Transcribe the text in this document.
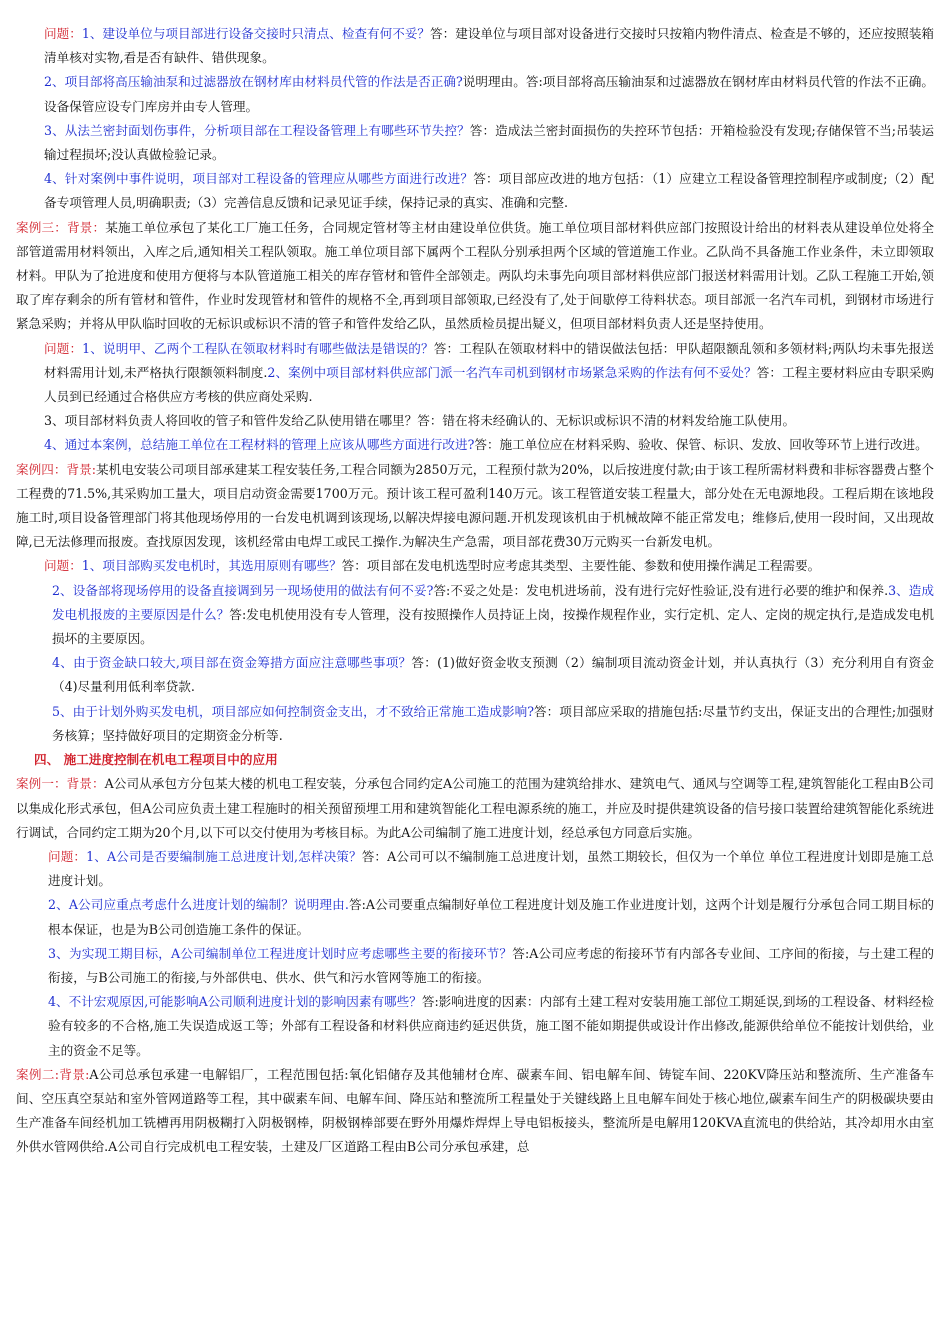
问题：1、建设单位与项目部进行设备交接时只清点、检查有何不妥？答：建设单位与项目部对设备进行交接时只按箱内物件清点、检查是不够的，还应按照装箱清单核对实物,看是否有缺件、错供现象。

2、项目部将高压输油泵和过滤器放在钢材库由材料员代管的作法是否正确?说明理由。答:项目部将高压输油泵和过滤器放在钢材库由材料员代管的作法不正确。设备保管应设专门库房并由专人管理。

3、从法兰密封面划伤事件，分析项目部在工程设备管理上有哪些环节失控？答：造成法兰密封面损伤的失控环节包括：开箱检验没有发现;存储保管不当;吊装运输过程损坏;没认真做检验记录。

4、针对案例中事件说明，项目部对工程设备的管理应从哪些方面进行改进？答：项目部应改进的地方包括：（1）应建立工程设备管理控制程序或制度;（2）配备专项管理人员,明确职责;（3）完善信息反馈和记录见证手续，保持记录的真实、准确和完整.

案例三：背景：某施工单位承包了某化工厂施工任务，合同规定管材等主材由建设单位供货。施工单位项目部材料供应部门按照设计给出的材料表从建设单位处将全部管道需用材料领出，入库之后,通知相关工程队领取。施工单位项目部下属两个工程队分别承担两个区域的管道施工作业。乙队尚不具备施工作业条件，未立即领取材料。甲队为了抢进度和使用方便将与本队管道施工相关的库存管材和管件全部领走。两队均未事先向项目部材料供应部门报送材料需用计划。乙队工程施工开始,领取了库存剩余的所有管材和管件，作业时发现管材和管件的规格不全,再到项目部领取,已经没有了,处于间歇停工待料状态。项目部派一名汽车司机，到钢材市场进行紧急采购；并将从甲队临时回收的无标识或标识不清的管子和管件发给乙队，虽然质检员提出疑义，但项目部材料负责人还是坚持使用。

问题：1、说明甲、乙两个工程队在领取材料时有哪些做法是错误的？答：工程队在领取材料中的错误做法包括：甲队超限额乱领和多领材料;两队均未事先报送材料需用计划,未严格执行限额领料制度.2、案例中项目部材料供应部门派一名汽车司机到钢材市场紧急采购的作法有何不妥处？答：工程主要材料应由专职采购人员到已经通过合格供应方考核的供应商处采购.

3、项目部材料负责人将回收的管子和管件发给乙队使用错在哪里？答：错在将未经确认的、无标识或标识不清的材料发给施工队使用。

4、通过本案例，总结施工单位在工程材料的管理上应该从哪些方面进行改进?答：施工单位应在材料采购、验收、保管、标识、发放、回收等环节上进行改进。

案例四：背景:某机电安装公司项目部承建某工程安装任务,工程合同额为2850万元，工程预付款为20%，以后按进度付款;由于该工程所需材料费和非标容器费占整个工程费的71.5%,其采购加工量大，项目启动资金需要1700万元。预计该工程可盈利140万元。该工程管道安装工程量大，部分处在无电源地段。工程后期在该地段施工时,项目设备管理部门将其他现场停用的一台发电机调到该现场,以解决焊接电源问题.开机发现该机由于机械故障不能正常发电；维修后,使用一段时间，又出现故障,已无法修理而报废。查找原因发现，该机经常由电焊工或民工操作.为解决生产急需，项目部花费30万元购买一台新发电机。

问题：1、项目部购买发电机时，其选用原则有哪些？答：项目部在发电机选型时应考虑其类型、主要性能、参数和使用操作满足工程需要。

2、设备部将现场停用的设备直接调到另一现场使用的做法有何不妥?答:不妥之处是：发电机进场前，没有进行完好性验证,没有进行必要的维护和保养.3、造成发电机报废的主要原因是什么？答:发电机使用没有专人管理，没有按照操作人员持证上岗，按操作规程作业，实行定机、定人、定岗的规定执行,是造成发电机损坏的主要原因。

4、由于资金缺口较大,项目部在资金筹措方面应注意哪些事项？答：(1)做好资金收支预测（2）编制项目流动资金计划，并认真执行（3）充分利用自有资金（4)尽量利用低利率贷款.

5、由于计划外购买发电机，项目部应如何控制资金支出，才不致给正常施工造成影响?答：项目部应采取的措施包括:尽量节约支出，保证支出的合理性;加强财务核算；坚持做好项目的定期资金分析等.

四、 施工进度控制在机电工程项目中的应用

案例一：背景：A公司从承包方分包某大楼的机电工程安装，分承包合同约定A公司施工的范围为建筑给排水、建筑电气、通风与空调等工程,建筑智能化工程由B公司以集成化形式承包，但A公司应负责土建工程施时的相关预留预埋工用和建筑智能化工程电源系统的施工，并应及时提供建筑设备的信号接口装置给建筑智能化系统进行调试，合同约定工期为20个月,以下可以交付使用为考核目标。为此A公司编制了施工进度计划，经总承包方同意后实施。

问题：1、A公司是否要编制施工总进度计划,怎样决策？答：A公司可以不编制施工总进度计划，虽然工期较长，但仅为一个单位 单位工程进度计划即是施工总进度计划。

2、A公司应重点考虑什么进度计划的编制？说明理由.答:A公司要重点编制好单位工程进度计划及施工作业进度计划，这两个计划是履行分承包合同工期目标的根本保证，也是为B公司创造施工条件的保证。

3、为实现工期目标，A公司编制单位工程进度计划时应考虑哪些主要的衔接环节？答:A公司应考虑的衔接环节有内部各专业间、工序间的衔接，与土建工程的衔接，与B公司施工的衔接,与外部供电、供水、供气和污水管网等施工的衔接。

4、不计宏观原因,可能影响A公司顺利进度计划的影响因素有哪些？答:影响进度的因素：内部有土建工程对安装用施工部位工期延误,到场的工程设备、材料经检验有较多的不合格,施工失误造成返工等；外部有工程设备和材料供应商违约延迟供货，施工图不能如期提供或设计作出修改,能源供给单位不能按计划供给，业主的资金不足等。

案例二:背景:A公司总承包承建一电解铝厂，工程范围包括:氧化铝储存及其他辅材仓库、碳素车间、铝电解车间、铸锭车间、220KV降压站和整流所、生产准备车间、空压真空泵站和室外管网道路等工程，其中碳素车间、电解车间、降压站和整流所工程量处于关键线路上且电解车间处于核心地位,碳素车间生产的阴极碳块要由生产准备车间经机加工铣槽再用阴极糊打入阴极钢棒，阴极钢棒部要在野外用爆炸焊焊上导电铝板接头，整流所是电解用120KVA直流电的供给站，其冷却用水由室外供水管网供给.A公司自行完成机电工程安装，土建及厂区道路工程由B公司分承包承建，总
